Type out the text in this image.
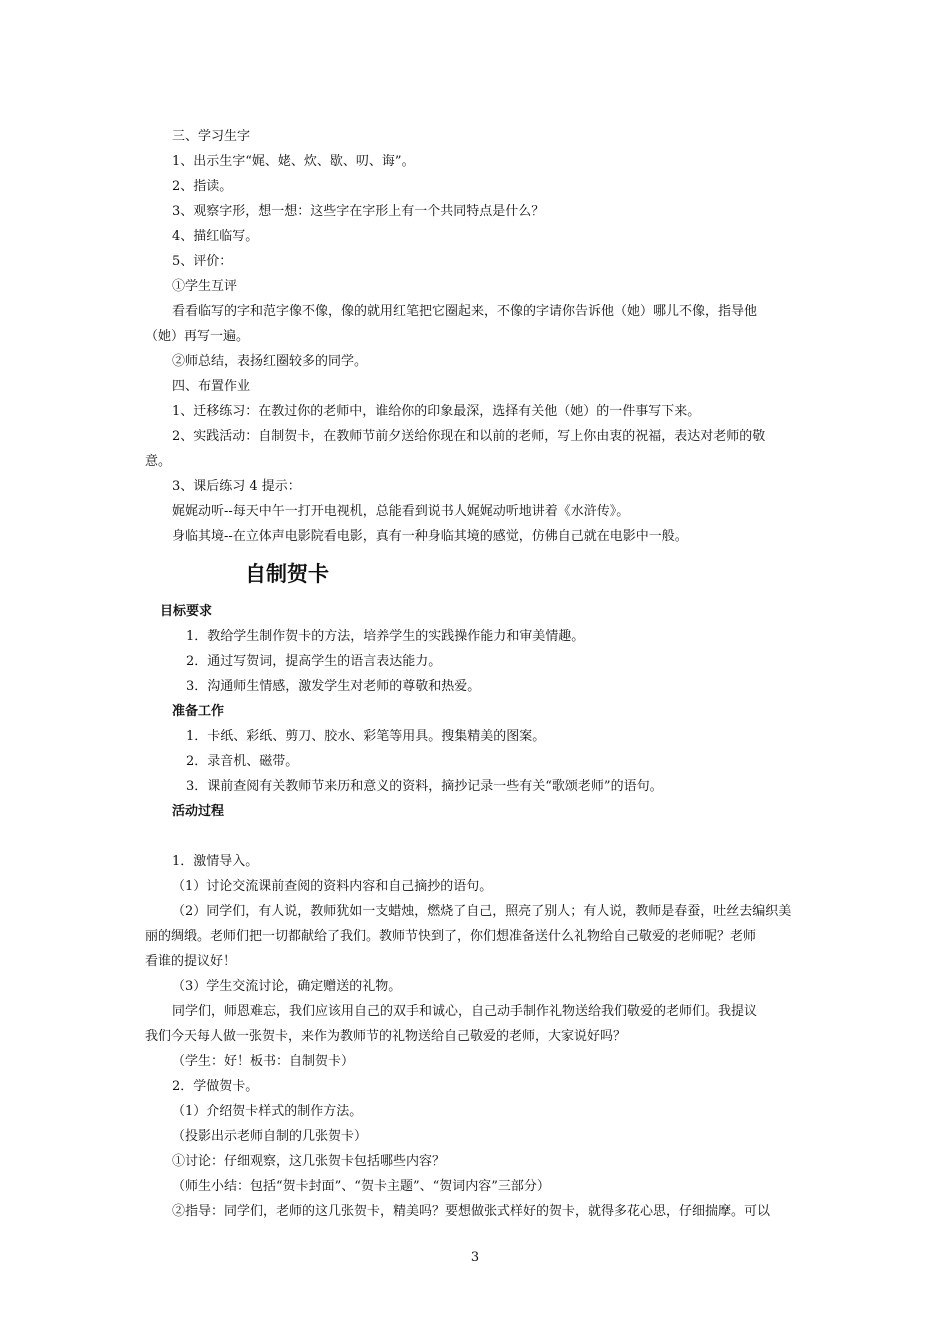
三、学习生字
1、出示生字“娓、姥、炊、歇、叨、诲”。
2、指读。
3、观察字形，想一想：这些字在字形上有一个共同特点是什么？
4、描红临写。
5、评价：
①学生互评
看看临写的字和范字像不像，像的就用红笔把它圈起来，不像的字请你告诉他（她）哪儿不像，指导他
（她）再写一遍。
②师总结，表扬红圈较多的同学。
四、布置作业
1、迁移练习：在教过你的老师中，谁给你的印象最深，选择有关他（她）的一件事写下来。
2、实践活动：自制贺卡，在教师节前夕送给你现在和以前的老师，写上你由衷的祝福，表达对老师的敬
意。
3、课后练习 4 提示：
娓娓动听--每天中午一打开电视机，总能看到说书人娓娓动听地讲着《水浒传》。
身临其境--在立体声电影院看电影，真有一种身临其境的感觉，仿佛自己就在电影中一般。
自制贺卡
目标要求
1．教给学生制作贺卡的方法，培养学生的实践操作能力和审美情趣。
2．通过写贺词，提高学生的语言表达能力。
3．沟通师生情感，激发学生对老师的尊敬和热爱。
准备工作
1．卡纸、彩纸、剪刀、胶水、彩笔等用具。搜集精美的图案。
2．录音机、磁带。
3．课前查阅有关教师节来历和意义的资料，摘抄记录一些有关“歌颂老师”的语句。
活动过程
1．激情导入。
（1）讨论交流课前查阅的资料内容和自己摘抄的语句。
（2）同学们，有人说，教师犹如一支蜡烛，燃烧了自己，照亮了别人；有人说，教师是春蚕，吐丝去编织美
丽的绸缎。老师们把一切都献给了我们。教师节快到了，你们想准备送什么礼物给自己敬爱的老师呢？老师
看谁的提议好！
（3）学生交流讨论，确定赠送的礼物。
同学们，师恩难忘，我们应该用自己的双手和诚心，自己动手制作礼物送给我们敬爱的老师们。我提议
我们今天每人做一张贺卡，来作为教师节的礼物送给自己敬爱的老师，大家说好吗？
（学生：好！板书：自制贺卡）
2．学做贺卡。
（1）介绍贺卡样式的制作方法。
（投影出示老师自制的几张贺卡）
①讨论：仔细观察，这几张贺卡包括哪些内容？
（师生小结：包括“贺卡封面”、“贺卡主题”、“贺词内容”三部分）
②指导：同学们，老师的这几张贺卡，精美吗？要想做张式样好的贺卡，就得多花心思，仔细揣摩。可以
3
